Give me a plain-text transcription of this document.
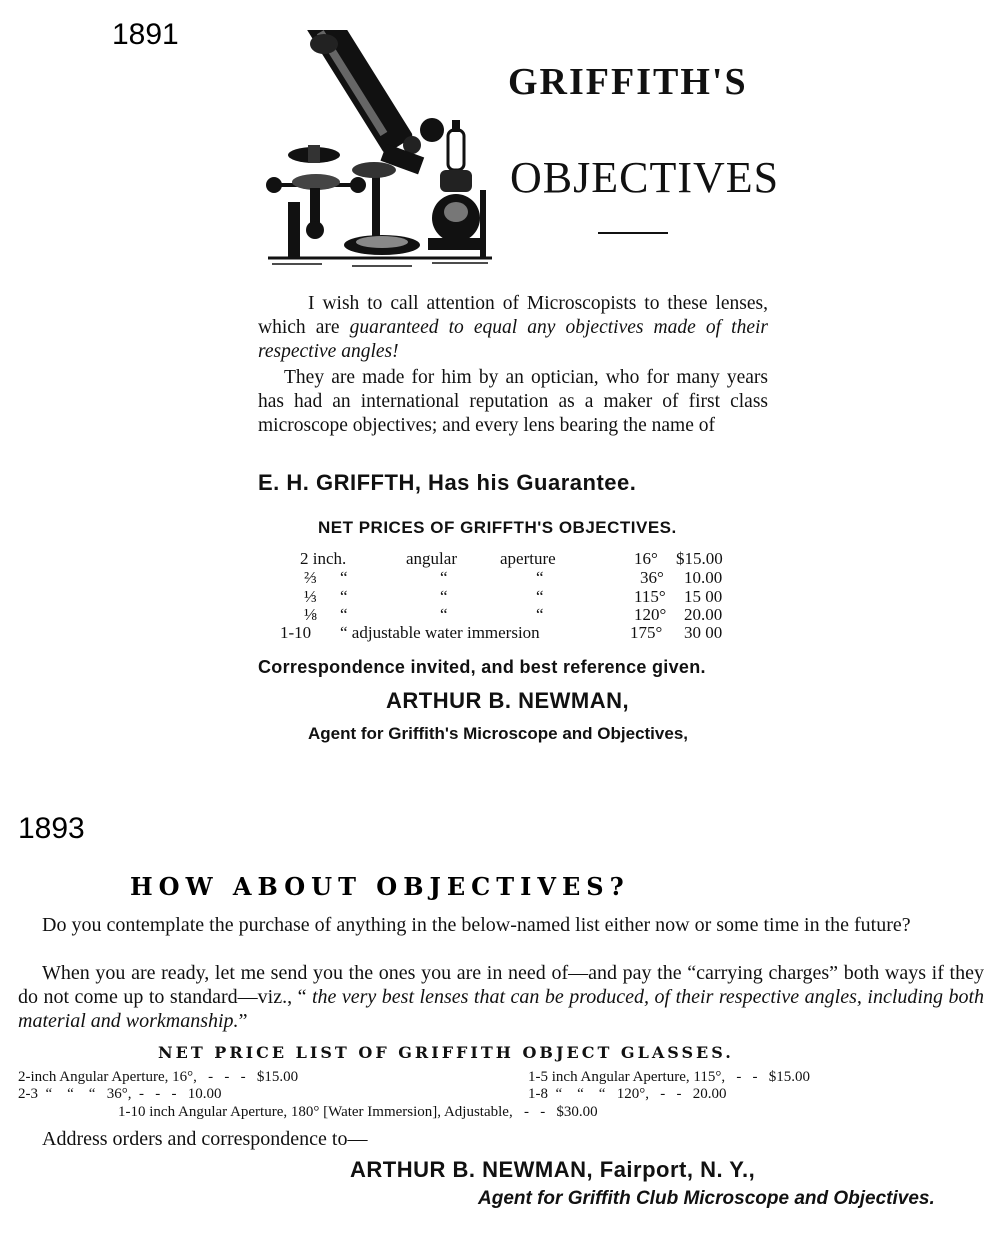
1891
GRIFFITH'S
OBJECTIVES
I wish to call attention of Microscopists to these lenses, which are guaranteed to equal any objectives made of their respective angles!
They are made for him by an optician, who for many years has had an international reputation as a maker of first class microscope objectives; and every lens bearing the name of
E. H. GRIFFTH, Has his Guarantee.
NET PRICES OF GRIFFTH'S OBJECTIVES.
2 inch.	angular	aperture	16° $15.00
⅔ “	“	“	36° 10.00
⅓ “	“	“	115° 15 00
⅛ “	“	“	120° 20.00
1-10 “ adjustable water immersion	175° 30 00
Correspondence invited, and best reference given.
ARTHUR B. NEWMAN,
Agent for Griffith's Microscope and Objectives,
1893
HOW ABOUT OBJECTIVES?
Do you contemplate the purchase of anything in the below-named list either now or some time in the future?
When you are ready, let me send you the ones you are in need of—and pay the “carrying charges” both ways if they do not come up to standard—viz., “ the very best lenses that can be produced, of their respective angles, including both material and workmanship.”
NET PRICE LIST OF GRIFFITH OBJECT GLASSES.
2-inch Angular Aperture, 16°,   -   -   -   $15.00	1-5 inch Angular Aperture, 115°,   -   -   $15.00
2-3  “    “    “   36°,  -   -   -   10.00	1-8  “    “    “   120°,   -   -   20.00
1-10 inch Angular Aperture, 180° [Water Immersion], Adjustable,   -   -   $30.00
Address orders and correspondence to—
ARTHUR B. NEWMAN, Fairport, N. Y.,
Agent for Griffith Club Microscope and Objectives.
